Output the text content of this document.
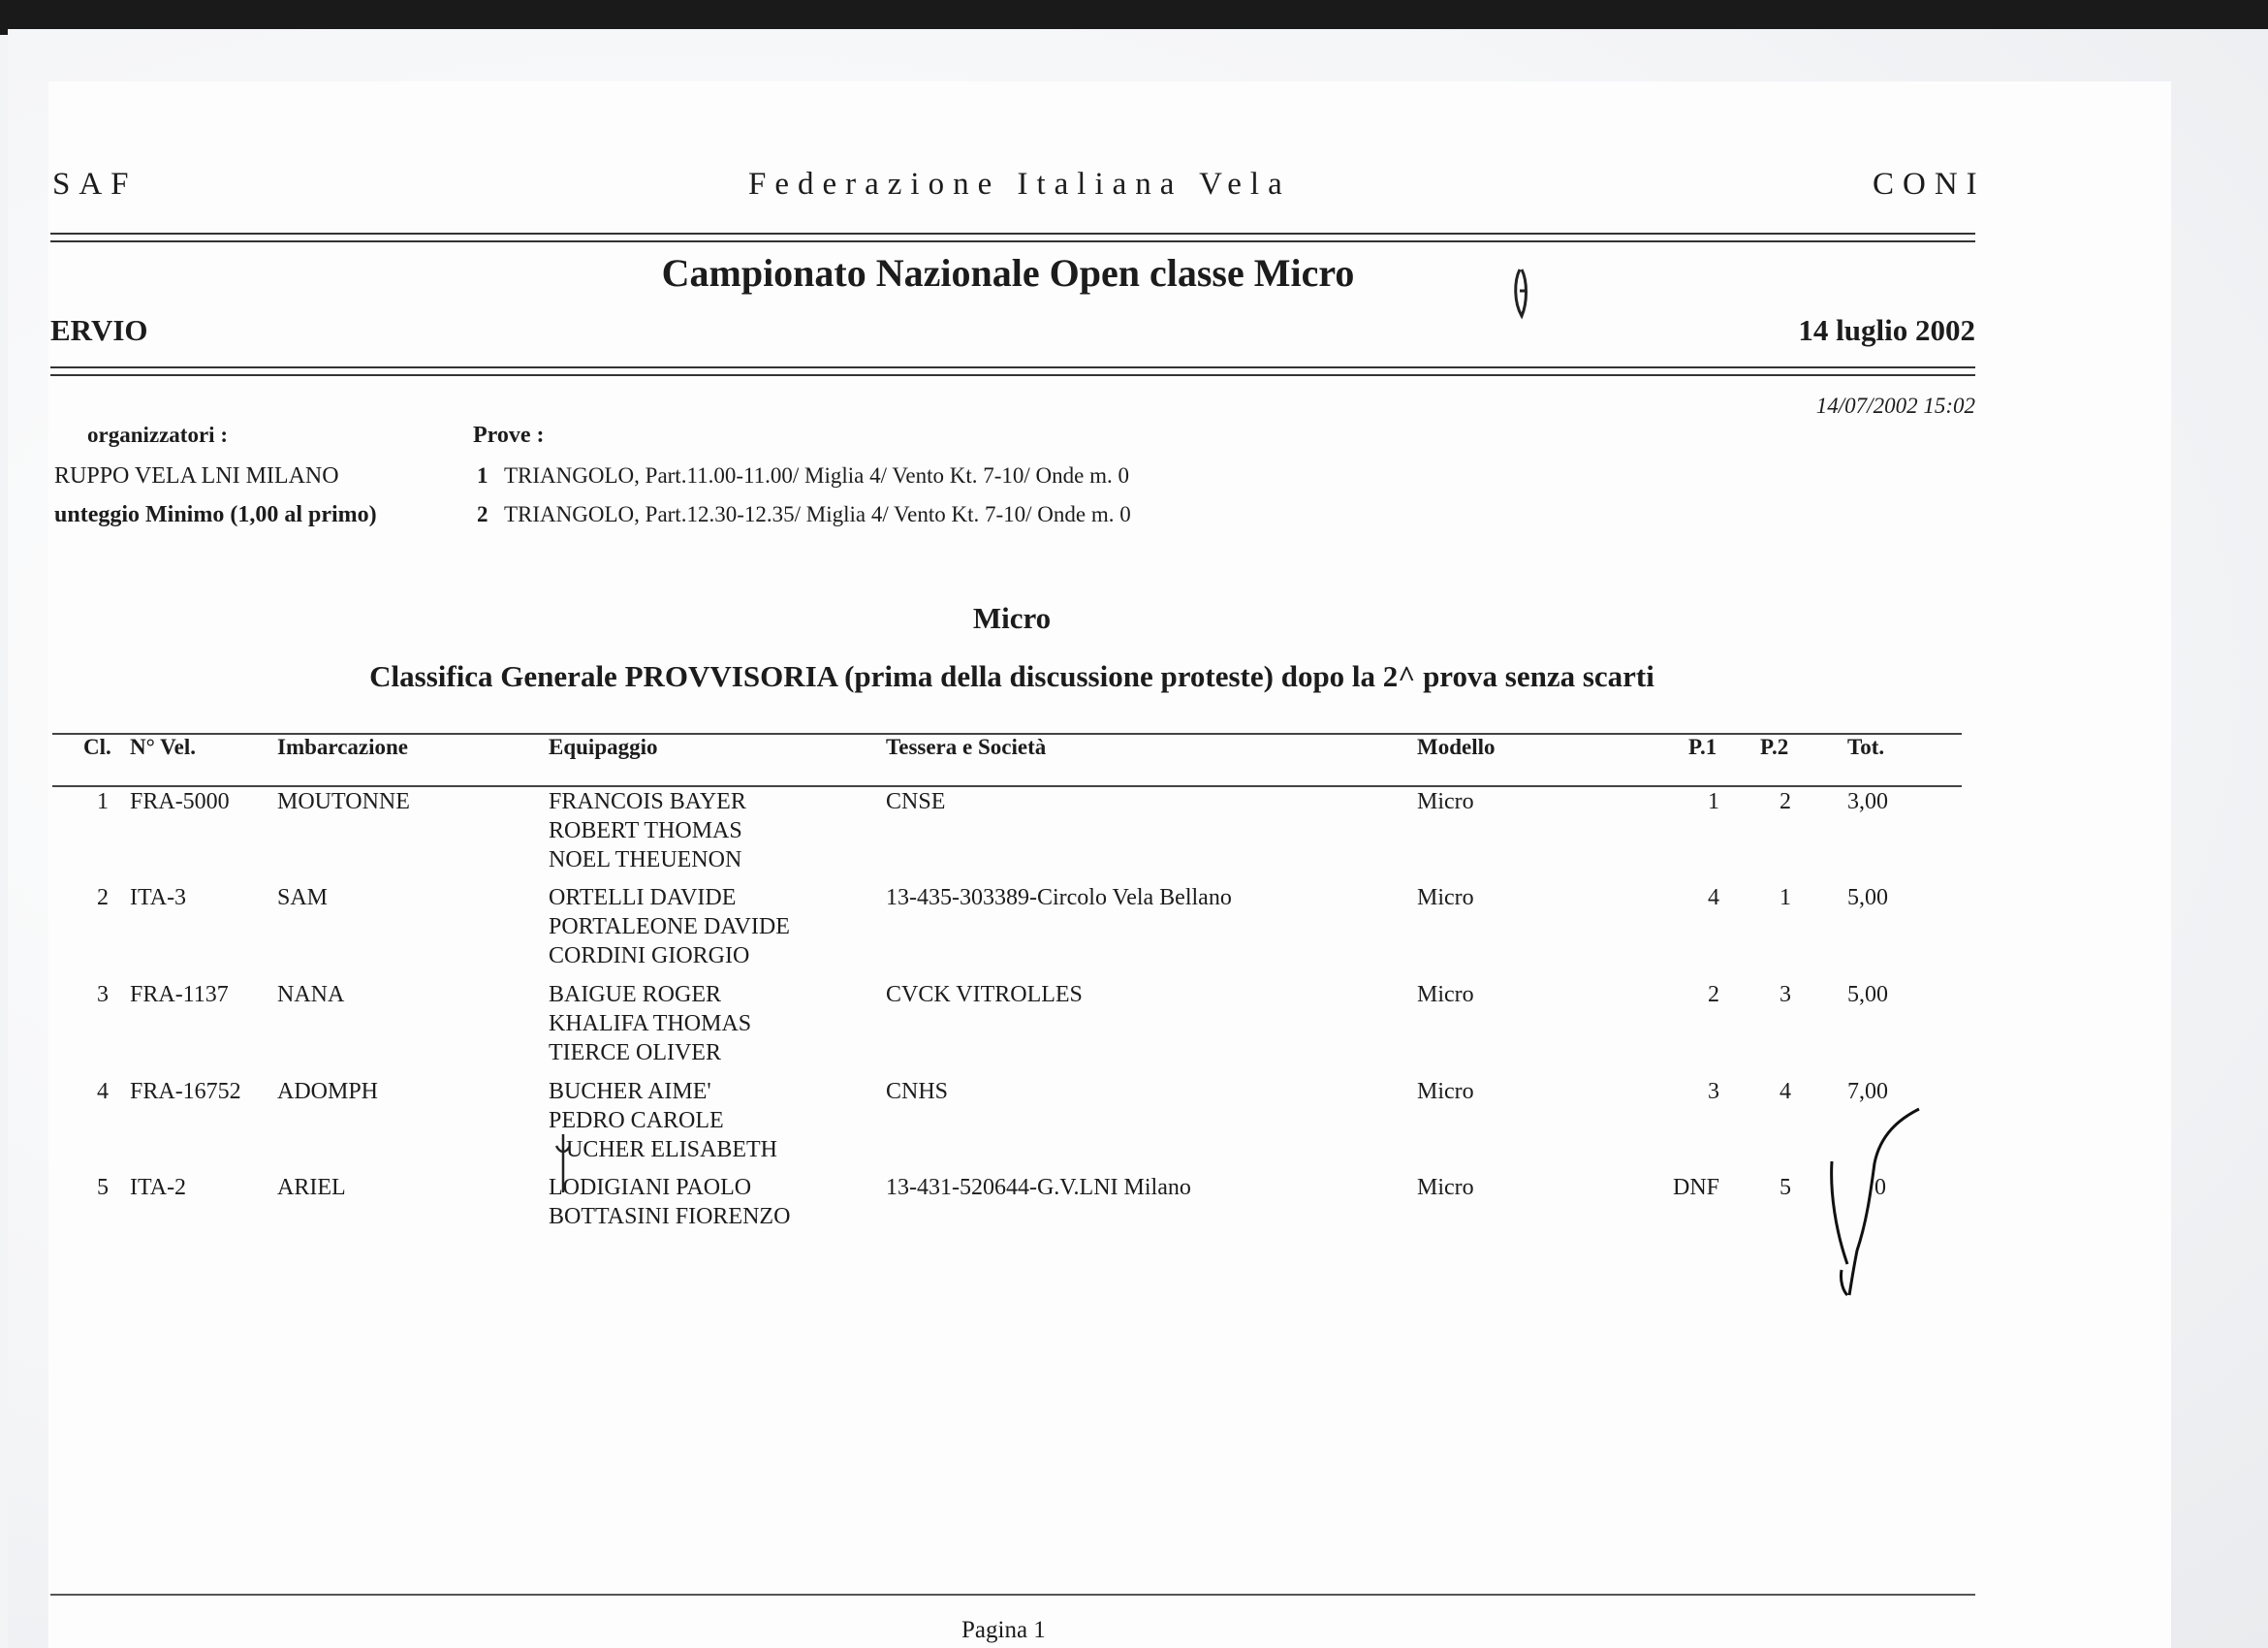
SAF	Federazione Italiana Vela	CONI
Campionato Nazionale Open classe Micro
ERVIO	14 luglio 2002
14/07/2002 15:02
organizzatori :
RUPPO VELA LNI MILANO
unteggio Minimo (1,00 al primo)
Prove :
1 TRIANGOLO, Part.11.00-11.00/ Miglia 4/ Vento Kt. 7-10/ Onde m. 0
2 TRIANGOLO, Part.12.30-12.35/ Miglia 4/ Vento Kt. 7-10/ Onde m. 0
Micro
Classifica Generale PROVVISORIA (prima della discussione proteste) dopo la 2^ prova senza scarti
Cl. N° Vel.	Imbarcazione	Equipaggio	Tessera e Società	Modello	P.1 P.2	Tot.
1 FRA-5000 MOUTONNE	FRANCOIS BAYER
ROBERT THOMAS
NOEL THEUENON
CNSE	Micro	1	2 3,00
2 ITA-3	SAM	ORTELLI DAVIDE
PORTALEONE DAVIDE
CORDINI GIORGIO
13-435-303389-Circolo Vela Bellano	Micro	4	1 5,00
3 FRA-1137 NANA	BAIGUE ROGER
KHALIFA THOMAS
TIERCE OLIVER
CVCK VITROLLES	Micro	2	3 5,00
4 FRA-16752 ADOMPH	BUCHER AIME'
PEDRO CAROLE
UCHER ELISABETH
CNHS	Micro	3	4 7,00
5 ITA-2	ARIEL	LODIGIANI PAOLO
BOTTASINI FIORENZO
13-431-520644-G.V.LNI Milano	Micro	DNF	5	0
Pagina 1
